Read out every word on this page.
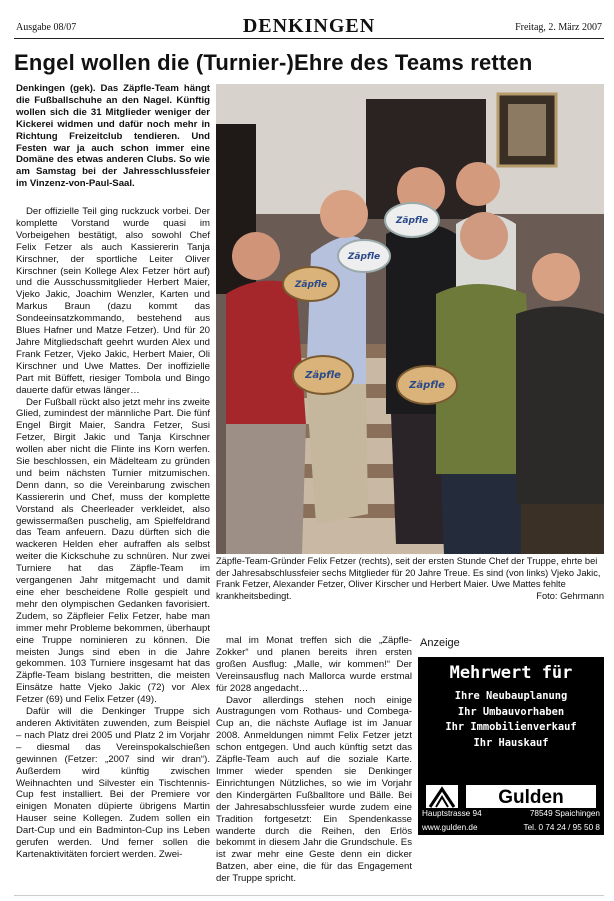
Ausgabe 08/07	DENKINGEN	Freitag, 2. März 2007
Engel wollen die (Turnier-)Ehre des Teams retten
Denkingen (gek). Das Zäpfle-Team hängt die Fußballschuhe an den Nagel. Künftig wollen sich die 31 Mitglieder weniger der Kickerei widmen und dafür noch mehr in Richtung Freizeitclub tendieren. Und Festen war ja auch schon immer eine Domäne des etwas anderen Clubs. So wie am Samstag bei der Jahresschlussfeier im Vinzenz-von-Paul-Saal.

Der offizielle Teil ging ruckzuck vorbei. Der komplette Vorstand wurde quasi im Vorbeigehen bestätigt, also sowohl Chef Felix Fetzer als auch Kassiererin Tanja Kirschner, der sportliche Leiter Oliver Kirschner (sein Kollege Alex Fetzer hört auf) und die Ausschussmitglieder Herbert Maier, Vjeko Jakic, Joachim Wenzler, Karten und Markus Braun (dazu kommt das Sondeeinsatzkommando, bestehend aus Blues Hafner und Matze Fetzer). Und für 20 Jahre Mitgliedschaft geehrt wurden Alex und Frank Fetzer, Vjeko Jakic, Herbert Maier, Oli Kirschner und Uwe Mattes. Der inoffizielle Part mit Büffett, riesiger Tombola und Bingo dauerte dafür etwas länger…

Der Fußball rückt also jetzt mehr ins zweite Glied, zumindest der männliche Part. Die fünf Engel Birgit Maier, Sandra Fetzer, Susi Fetzer, Birgit Jakic und Tanja Kirschner wollen aber nicht die Flinte ins Korn werfen. Sie beschlossen, ein Mädelteam zu gründen und beim nächsten Turnier mitzumischen. Denn dann, so die Vereinbarung zwischen Kassiererin und Chef, muss der komplette Vorstand als Cheerleader verkleidet, also gewissermaßen puschelig, am Spielfeldrand das Team anfeuern. Dazu dürften sich die wackeren Helden eher aufraffen als selbst weiter die Kickschuhe zu schnüren. Nur zwei Turniere hat das Zäpfle-Team im vergangenen Jahr mitgemacht und damit eine eher bescheidene Rolle gespielt und mehr den olympischen Gedanken favorisiert. Zudem, so Zäpfleier Felix Fetzer, habe man immer mehr Probleme bekommen, überhaupt eine Truppe nominieren zu können. Die meisten Jungs sind eben in die Jahre gekommen. 103 Turniere insgesamt hat das Zäpfle-Team bislang bestritten, die meisten Einsätze hatte Vjeko Jakic (72) vor Alex Fetzer (69) und Felix Fetzer (49).

Dafür will die Denkinger Truppe sich anderen Aktivitäten zuwenden, zum Beispiel – nach Platz drei 2005 und Platz 2 im Vorjahr – diesmal das Vereinspokalschießen gewinnen (Fetzer: „2007 sind wir dran“). Außerdem wird künftig zwischen Weihnachten und Silvester ein Tischtennis-Cup fest installiert. Bei der Premiere vor einigen Monaten düpierte übrigens Martin Hauser seine Kollegen. Zudem sollen ein Dart-Cup und ein Badminton-Cup ins Leben gerufen werden. Und ferner sollen die Kartenaktivitäten forciert werden. Zwei-

Zäpfle
Zäpfle
Zäpfle
Zäpfle
Zäpfle
Zäpfle-Team-Gründer Felix Fetzer (rechts), seit der ersten Stunde Chef der Truppe, ehrte bei der Jahresabschlussfeier sechs Mitglieder für 20 Jahre Treue. Es sind (von links) Vjeko Jakic, Frank Fetzer, Alexander Fetzer, Oliver Kirscher und Herbert Maier. Uwe Mattes fehlte krankheitsbedingt.	Foto: Gehrmann

mal im Monat treffen sich die „Zäpfle-Zokker“ und planen bereits ihren ersten großen Ausflug: „Malle, wir kommen!“ Der Vereinsausflug nach Mallorca wurde erstmal für 2028 angedacht…

Davor allerdings stehen noch einige Austragungen vom Rothaus- und Combega-Cup an, die nächste Auflage ist im Januar 2008. Anmeldungen nimmt Felix Fetzer jetzt schon entgegen. Und auch künftig setzt das Zäpfle-Team auch auf die soziale Karte. Immer wieder spenden sie Denkinger Einrichtungen Nützliches, so wie im Vorjahr den Kindergärten Fußballtore und Bälle. Bei der Jahresabschlussfeier wurde zudem eine Tradition fortgesetzt: Ein Spendenkasse wanderte durch die Reihen, den Erlös bekommt in diesem Jahr die Grundschule. Es ist zwar mehr eine Geste denn ein dicker Batzen, aber eine, die für das Engagement der Truppe spricht.

Anzeige
Mehrwert für
Ihre Neubauplanung
Ihr Umbauvorhaben
Ihr Immobilienverkauf
Ihr Hauskauf
Gulden
Hauptstrasse 94	78549 Spaichingen
www.gulden.de	Tel. 0 74 24 / 95 50 8
